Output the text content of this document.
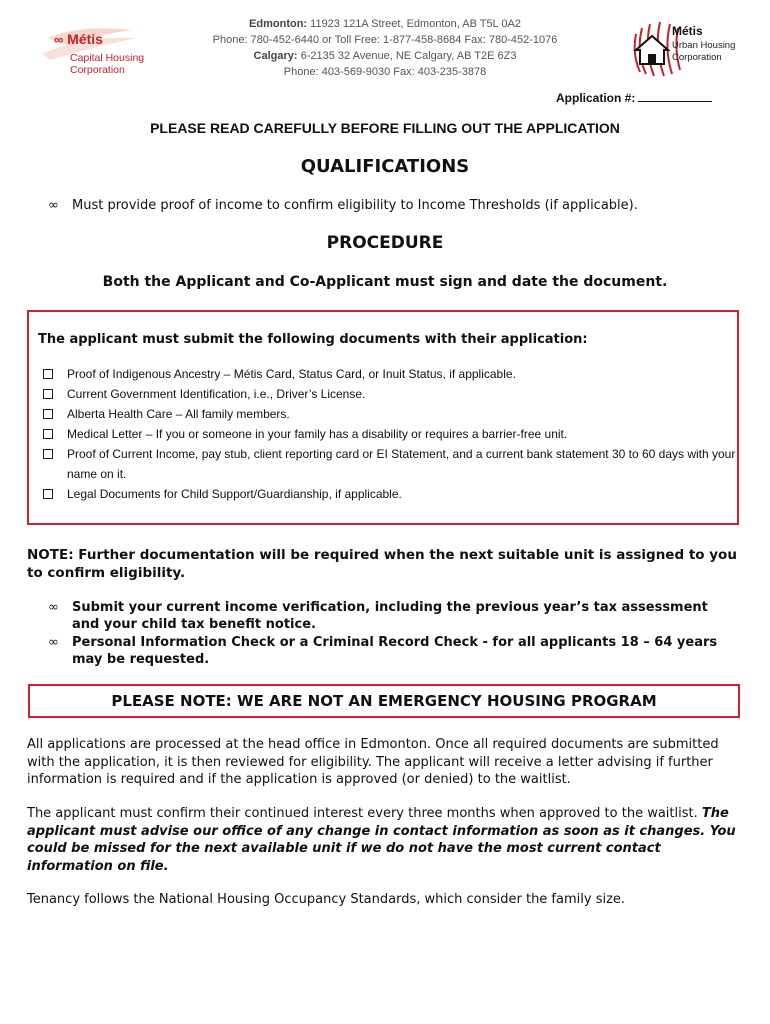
∞ Métis
Capital Housing
Corporation
Edmonton: 11923 121A Street, Edmonton, AB T5L 0A2
Phone: 780-452-6440 or Toll Free: 1-877-458-8684 Fax: 780-452-1076
Calgary: 6-2135 32 Avenue, NE Calgary, AB T2E 6Z3
Phone: 403-569-9030 Fax: 403-235-3878
Métis
Urban Housing
Corporation
Application #:
PLEASE READ CAREFULLY BEFORE FILLING OUT THE APPLICATION
QUALIFICATIONS
∞ Must provide proof of income to confirm eligibility to Income Thresholds (if applicable).
PROCEDURE
Both the Applicant and Co-Applicant must sign and date the document.
The applicant must submit the following documents with their application:
Proof of Indigenous Ancestry – Métis Card, Status Card, or Inuit Status, if applicable.
Current Government Identification, i.e., Driver’s License.
Alberta Health Care – All family members.
Medical Letter – If you or someone in your family has a disability or requires a barrier-free unit.
Proof of Current Income, pay stub, client reporting card or EI Statement, and a current bank statement 30 to 60 days with your name on it.
Legal Documents for Child Support/Guardianship, if applicable.
NOTE: Further documentation will be required when the next suitable unit is assigned to you to confirm eligibility.
∞ Submit your current income verification, including the previous year’s tax assessment and your child tax benefit notice.
∞ Personal Information Check or a Criminal Record Check - for all applicants 18 – 64 years may be requested.
PLEASE NOTE: WE ARE NOT AN EMERGENCY HOUSING PROGRAM
All applications are processed at the head office in Edmonton. Once all required documents are submitted with the application, it is then reviewed for eligibility. The applicant will receive a letter advising if further information is required and if the application is approved (or denied) to the waitlist.
The applicant must confirm their continued interest every three months when approved to the waitlist. The applicant must advise our office of any change in contact information as soon as it changes. You could be missed for the next available unit if we do not have the most current contact information on file.
Tenancy follows the National Housing Occupancy Standards, which consider the family size.
